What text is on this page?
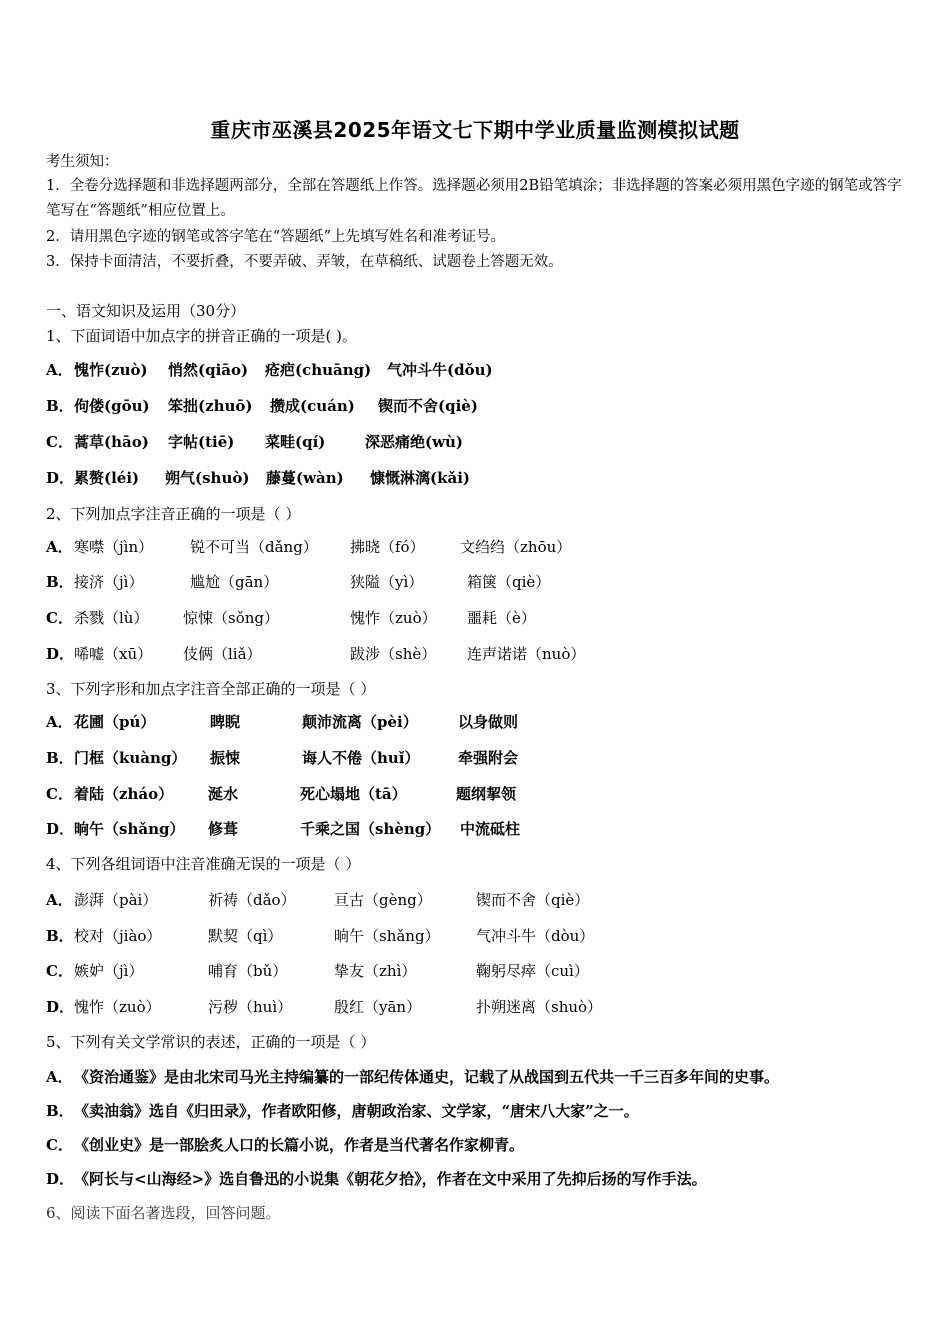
重庆市巫溪县2025年语文七下期中学业质量监测模拟试题
考生须知：
1．全卷分选择题和非选择题两部分，全部在答题纸上作答。选择题必须用2B铅笔填涂；非选择题的答案必须用黑色字迹的钢笔或答字笔写在“答题纸”相应位置上。
2．请用黑色字迹的钢笔或答字笔在“答题纸”上先填写姓名和准考证号。
3．保持卡面清洁，不要折叠，不要弄破、弄皱，在草稿纸、试题卷上答题无效。
一、语文知识及运用（30分）
1、下面词语中加点字的拼音正确的一项是( )。
A． 愧怍(zuò) 悄然(qiāo) 疮疤(chuāng) 气冲斗牛(dǒu)
B． 佝偻(gōu) 笨拙(zhuō) 攒成(cuán) 锲而不舍(qiè)
C． 蒿草(hāo) 字帖(tiē) 菜畦(qí)	深恶痛绝(wù)
D． 累赘(léi) 朔气(shuò) 藤蔓(wàn) 慷慨淋漓(kǎi)
2、下列加点字注音正确的一项是（ ）
A． 寒噤（jìn） 锐不可当（dǎng） 拂晓（fó） 文绉绉（zhōu）
B． 接济（jì）	尴尬（gān）	狭隘（yì）	箱箧（qiè）
C． 杀戮（lù） 惊悚（sǒng）	愧怍（zuò） 噩耗（è）
D． 唏嘘（xū） 伎俩（liǎ）	跋涉（shè） 连声诺诺（nuò）
3、下列字形和加点字注音全部正确的一项是（ ）
A． 花圃（pú）	睥睨	颠沛流离（pèi）	以身做则
B． 门框（kuàng） 振悚	诲人不倦（huǐ）	牵强附会
C． 着陆（zháo） 涎水	死心塌地（tā）	题纲挈领
D． 晌午（shǎng） 修葺	千乘之国（shèng） 中流砥柱
4、下列各组词语中注音准确无误的一项是（ ）
A． 澎湃（pài）	祈祷（dǎo）	亘古（gèng）	锲而不舍（qiè）
B． 校对（jiào）	默契（qì）	晌午（shǎng） 气冲斗牛（dòu）
C． 嫉妒（jì）	哺育（bǔ）	挚友（zhì）	鞠躬尽瘁（cuì）
D． 愧怍（zuò）	污秽（huì）	殷红（yān）	扑朔迷离（shuò）
5、下列有关文学常识的表述，正确的一项是（ ）
A． 《资治通鉴》是由北宋司马光主持编纂的一部纪传体通史，记载了从战国到五代共一千三百多年间的史事。
B． 《卖油翁》选自《归田录》，作者欧阳修，唐朝政治家、文学家，“唐宋八大家”之一。
C． 《创业史》是一部脍炙人口的长篇小说，作者是当代著名作家柳青。
D． 《阿长与<山海经>》选自鲁迅的小说集《朝花夕拾》，作者在文中采用了先抑后扬的写作手法。
6、阅读下面名著选段，回答问题。
